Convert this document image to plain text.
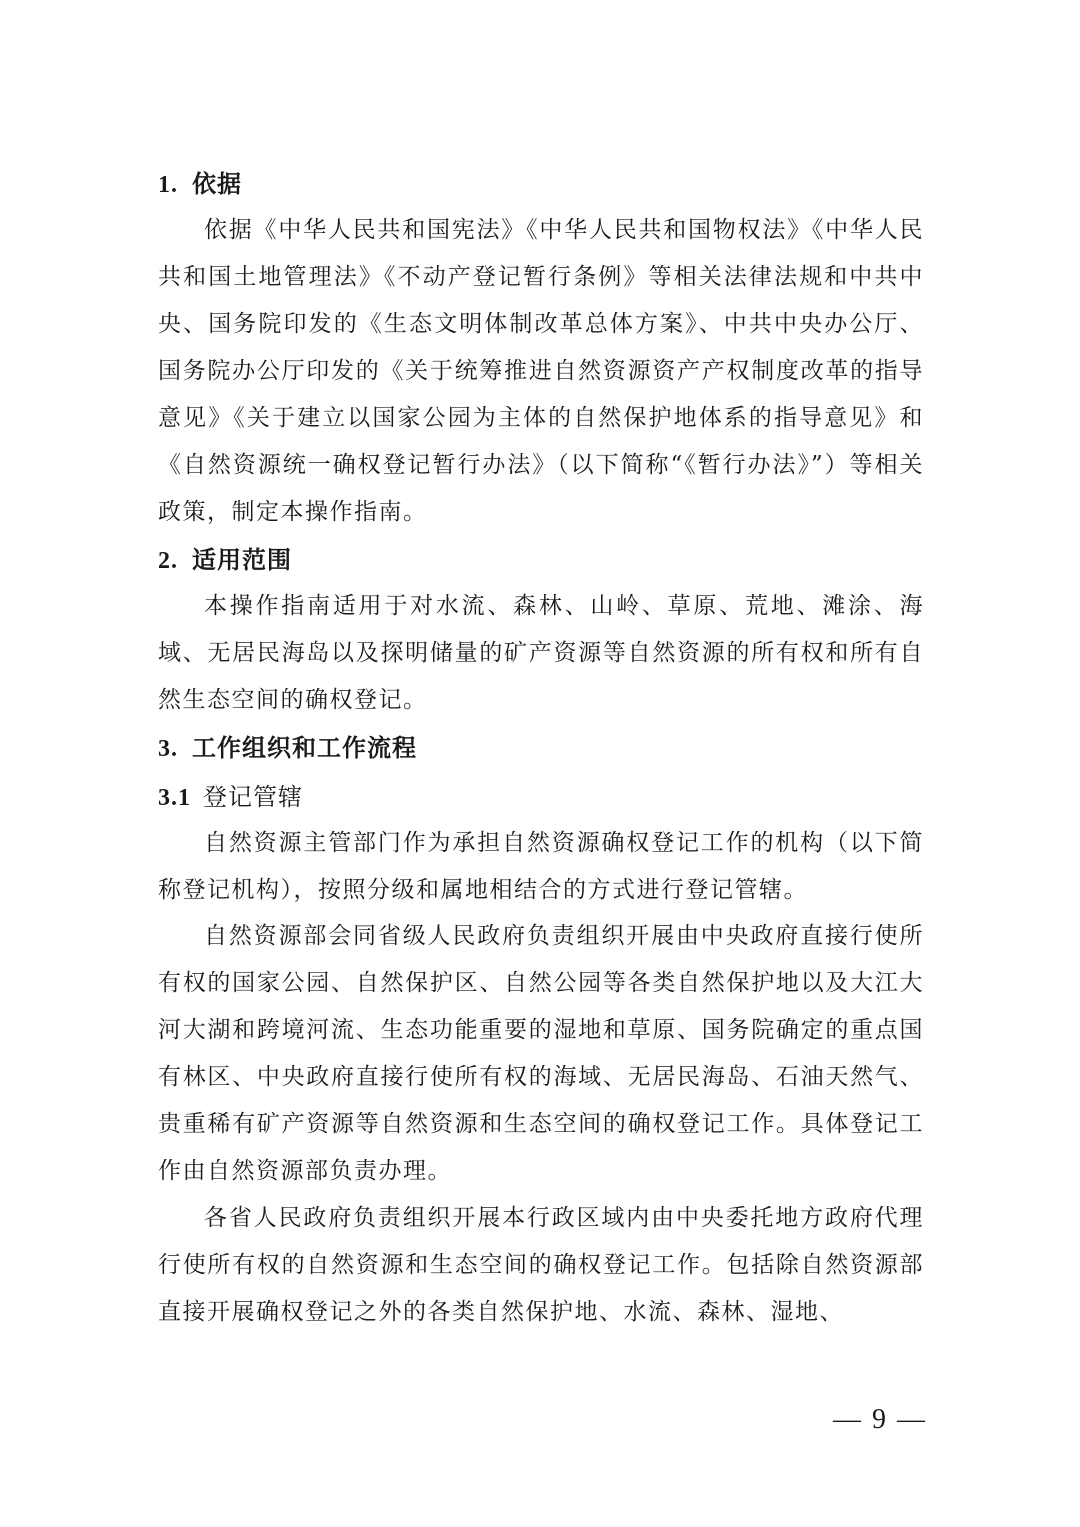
1. 依据

依据《中华人民共和国宪法》《中华人民共和国物权法》《中华人民共和国土地管理法》《不动产登记暂行条例》等相关法律法规和中共中央、国务院印发的《生态文明体制改革总体方案》、中共中央办公厅、国务院办公厅印发的《关于统筹推进自然资源资产产权制度改革的指导意见》《关于建立以国家公园为主体的自然保护地体系的指导意见》和《自然资源统一确权登记暂行办法》（以下简称“《暂行办法》”）等相关政策，制定本操作指南。

2. 适用范围

本操作指南适用于对水流、森林、山岭、草原、荒地、滩涂、海域、无居民海岛以及探明储量的矿产资源等自然资源的所有权和所有自然生态空间的确权登记。

3. 工作组织和工作流程
3.1 登记管辖

自然资源主管部门作为承担自然资源确权登记工作的机构（以下简称登记机构），按照分级和属地相结合的方式进行登记管辖。

自然资源部会同省级人民政府负责组织开展由中央政府直接行使所有权的国家公园、自然保护区、自然公园等各类自然保护地以及大江大河大湖和跨境河流、生态功能重要的湿地和草原、国务院确定的重点国有林区、中央政府直接行使所有权的海域、无居民海岛、石油天然气、贵重稀有矿产资源等自然资源和生态空间的确权登记工作。具体登记工作由自然资源部负责办理。

各省人民政府负责组织开展本行政区域内由中央委托地方政府代理行使所有权的自然资源和生态空间的确权登记工作。包括除自然资源部直接开展确权登记之外的各类自然保护地、水流、森林、湿地、

— 9 —
